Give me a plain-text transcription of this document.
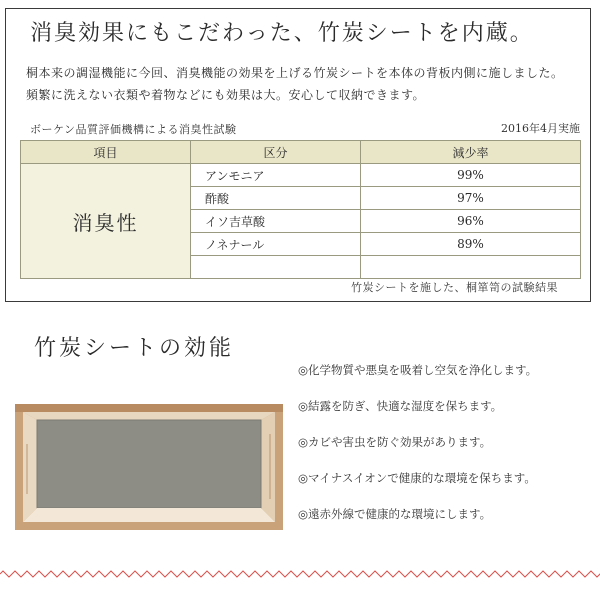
消臭効果にもこだわった、竹炭シートを内蔵。
桐本来の調湿機能に今回、消臭機能の効果を上げる竹炭シートを本体の背板内側に施しました。頻繁に洗えない衣類や着物などにも効果は大。安心して収納できます。
ボーケン品質評価機構による消臭性試験	2016年4月実施
項目	区分	減少率
消臭性	アンモニア	99%
	酢酸	97%
	イソ吉草酸	96%
	ノネナール	89%

竹炭シートを施した、桐箪笥の試験結果
竹炭シートの効能
◎化学物質や悪臭を吸着し空気を浄化します。
◎結露を防ぎ、快適な湿度を保ちます。
◎カビや害虫を防ぐ効果があります。
◎マイナスイオンで健康的な環境を保ちます。
◎遠赤外線で健康的な環境にします。
